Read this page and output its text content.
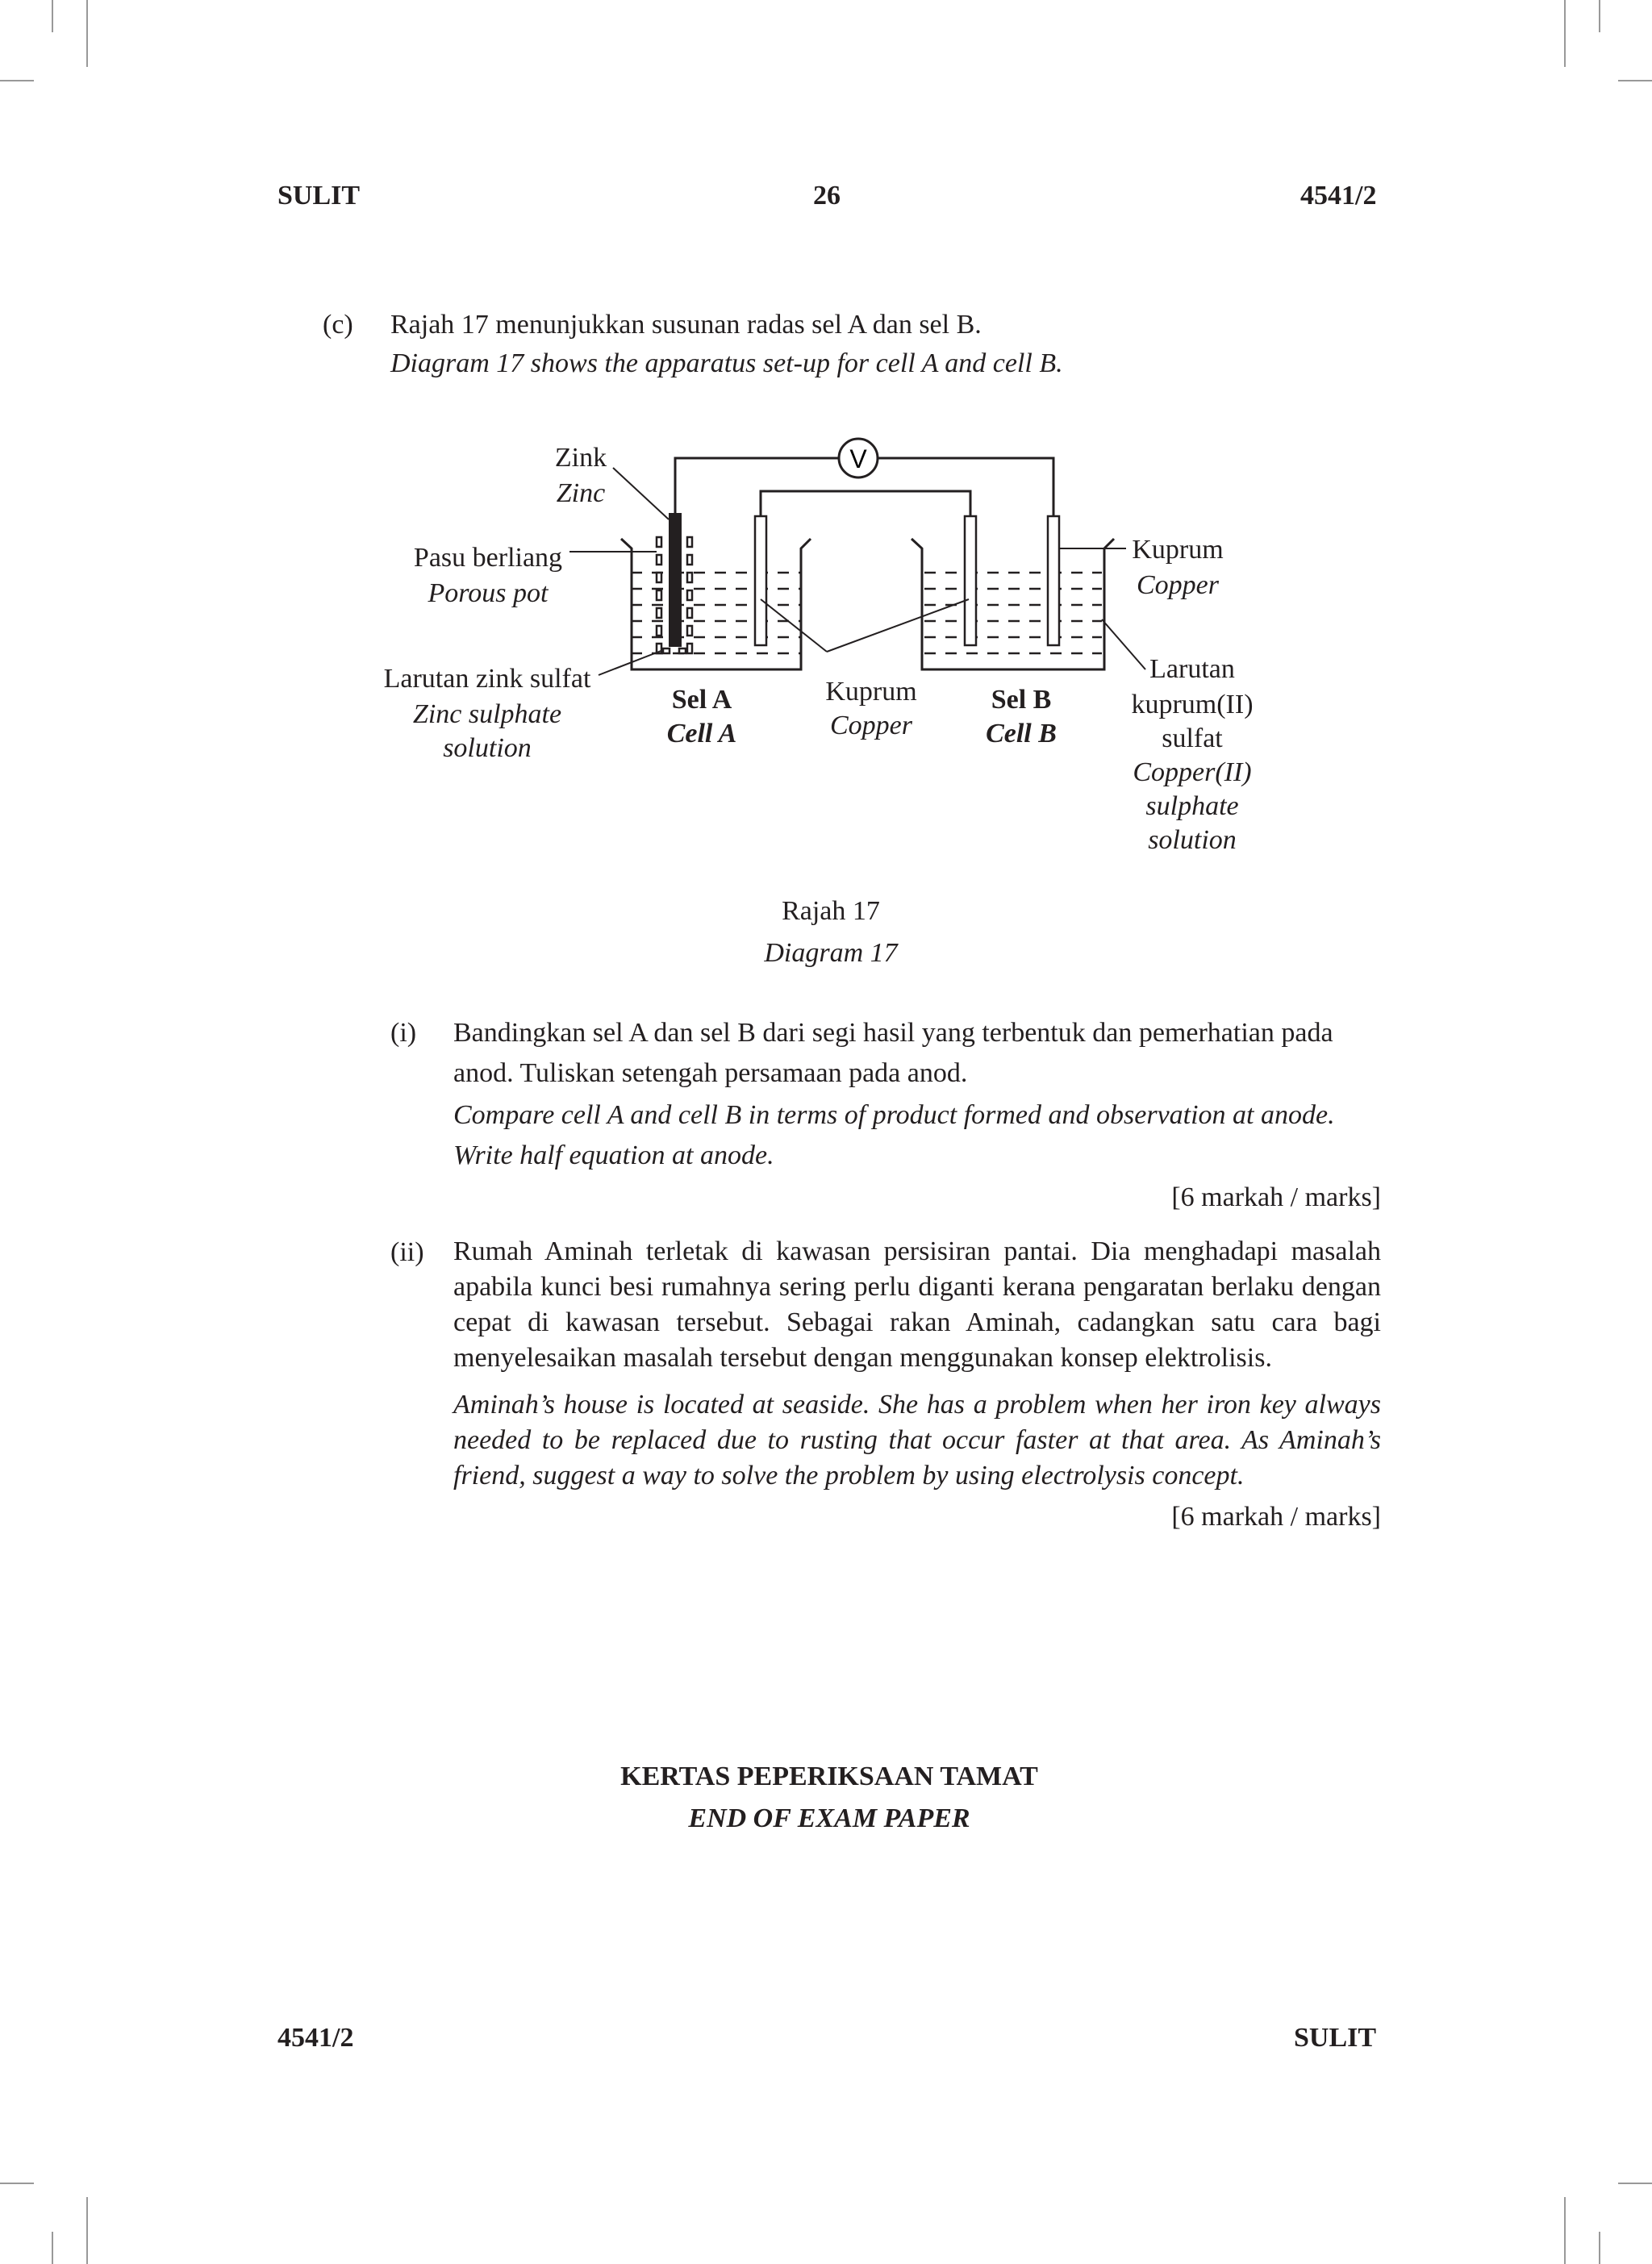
SULIT	26	4541/2
(c) Rajah 17 menunjukkan susunan radas sel A dan sel B.
Diagram 17 shows the apparatus set-up for cell A and cell B.
V
Zink
Zinc
Pasu berliang
Porous pot
Larutan zink sulfat
Zinc sulphate
solution
Sel A
Cell A
Kuprum
Copper
Sel B
Cell B
Kuprum
Copper
Larutan
kuprum(II)
sulfat
Copper(II)
sulphate
solution
Rajah 17
Diagram 17
(i) Bandingkan sel A dan sel B dari segi hasil yang terbentuk dan pemerhatian pada
anod. Tuliskan setengah persamaan pada anod.
Compare cell A and cell B in terms of product formed and observation at anode.
Write half equation at anode.
[6 markah / marks]
(ii) Rumah Aminah terletak di kawasan persisiran pantai. Dia menghadapi masalah apabila kunci besi rumahnya sering perlu diganti kerana pengaratan berlaku dengan cepat di kawasan tersebut. Sebagai rakan Aminah, cadangkan satu cara bagi menyelesaikan masalah tersebut dengan menggunakan konsep elektrolisis.
Aminah’s house is located at seaside. She has a problem when her iron key always needed to be replaced due to rusting that occur faster at that area. As Aminah’s friend, suggest a way to solve the problem by using electrolysis concept.
[6 markah / marks]
KERTAS PEPERIKSAAN TAMAT
END OF EXAM PAPER
4541/2	SULIT
